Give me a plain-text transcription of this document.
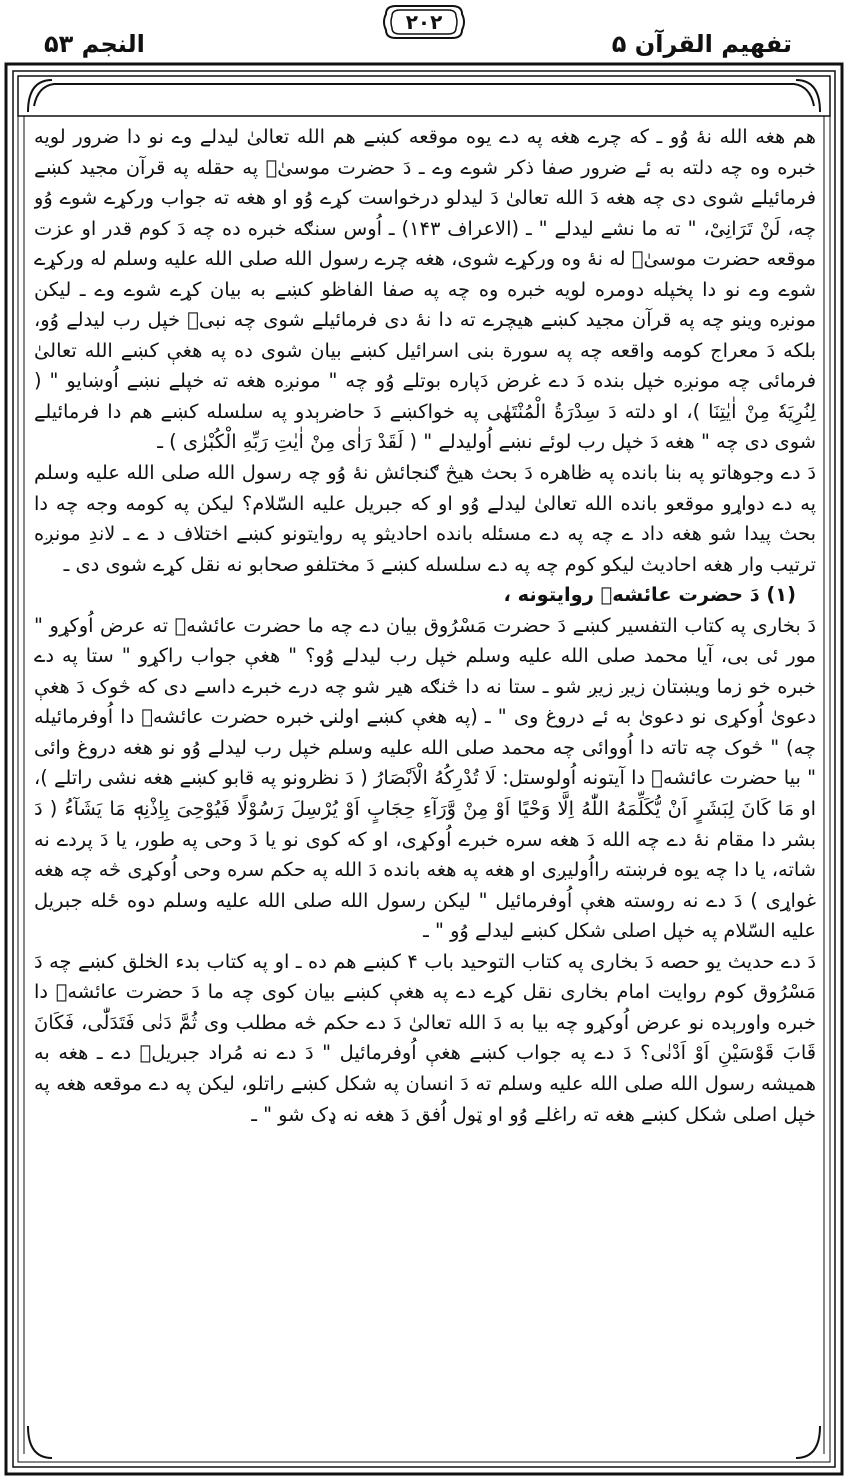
تفهیم القرآن ۵
۲۰۲
النجم ۵۳

هم هغه الله نهٔ وُو ـ که چرے هغه په دے یوه موقعه کښے هم الله تعالیٰ لیدلے وے نو دا ضرور لویه خبره وه چه دلته به ئے ضرور صفا ذکر شوے وے ـ دَ حضرت موسیٰؑ په حقله په قرآن مجید کښے فرمائیلے شوی دی چه هغه دَ الله تعالیٰ دَ لیدلو درخواست کړے وُو او هغه ته جواب ورکړے شوے وُو چه، لَنْ تَرَانِیْ، " ته ما نشے لیدلے " ـ (الاعراف ۱۴۳) ـ اُوس سنګه خبره ده چه دَ کوم قدر او عزت موقعه حضرت موسیٰؑ له نهٔ وه ورکړے شوی، هغه چرے رسول الله صلی الله علیه وسلم له ورکړے شوے وے نو دا پخپله دومره لویه خبره وه چه په صفا الفاظو کښے به بیان کړے شوے وے ـ لیکن مونږه وینو چه په قرآن مجید کښے هیچرے ته دا نهٔ دی فرمائیلے شوی چه نبیؐ خپل رب لیدلے وُو، بلکه دَ معراج کومه واقعه چه په سورة بنی اسرائیل کښے بیان شوی ده په هغې کښے الله تعالیٰ فرمائی چه مونږه خپل بنده دَ دے غرض دَپاره بوتلے وُو چه " مونږه هغه ته خپلے نښے اُوښایو " ( لِنُرِیَهٗ مِنْ اٰیٰتِنَا )، او دلته دَ سِدْرَةُ الْمُنْتَهٰی په خواکښے دَ حاضرېدو په سلسله کښے هم دا فرمائیلے شوی دی چه " هغه دَ خپل رب لوئے نښے اُولیدلے " ( لَقَدْ رَاٰی مِنْ اٰیٰتِ رَبِّهِ الْکُبْرٰی ) ـ

دَ دے وجوهاتو په بنا بانده په ظاهره دَ بحث هیڅ ګنجائش نهٔ وُو چه رسول الله صلی الله علیه وسلم په دے دواړو موقعو بانده الله تعالیٰ لیدلے وُو او که جبریل علیه السّلام؟ لیکن په کومه وجه چه دا بحث پیدا شو هغه داد ے چه په دے مسئله بانده احادیثو په روایتونو کښے اختلاف د ے ـ لاندِ مونږه ترتیب وار هغه احادیث لیکو کوم چه په دے سلسله کښے دَ مختلفو صحابو نه نقل کړے شوی دی ـ

(۱) دَ حضرت عائشهؓ روایتونه ،

دَ بخاری په کتاب التفسیر کښے دَ حضرت مَسْرُوق بیان دے چه ما حضرت عائشهؓ ته عرض اُوکړو " مور ئی بی، آیا محمد صلی الله علیه وسلم خپل رب لیدلے وُو؟ " هغې جواب راکړو " ستا په دے خبره خو زما ویښتان زیږ زیږ شو ـ ستا نه دا څنګه هیر شو چه درے خبرے داسے دی که څوک دَ هغې دعویٰ اُوکړی نو دعویٰ به ئے دروغ وی " ـ (په هغې کښے اولنۍ خبره حضرت عائشهؓ دا اُوفرمائیله چه) " څوک چه تاته دا اُووائی چه محمد صلی الله علیه وسلم خپل رب لیدلے وُو نو هغه دروغ وائی " بیا حضرت عائشهؓ دا آیتونه اُولوستل: لَا تُدْرِکُهُ الْاَبْصَارُ ( دَ نظرونو په قابو کښے هغه نشی راتلے )، او مَا کَانَ لِبَشَرٍ اَنْ یُّکَلِّمَهُ اللّٰهُ اِلَّا وَحْیًا اَوْ مِنْ وَّرَآءِ حِجَابٍ اَوْ یُرْسِلَ رَسُوْلًا فَیُوْحِیَ بِاِذْنِهٖ مَا یَشَآءُ ( دَ بشر دا مقام نهٔ دے چه الله دَ هغه سره خبرے اُوکړی، او که کوی نو یا دَ وحی په طور، یا دَ پردے نه شاته، یا دا چه یوه فرښته رااُولیږی او هغه په هغه بانده دَ الله په حکم سره وحی اُوکړی څه چه هغه غواړی ) دَ دے نه روسته هغې اُوفرمائیل " لیکن رسول الله صلی الله علیه وسلم دوه ځله جبریل علیه السّلام په خپل اصلی شکل کښے لیدلے وُو " ـ

دَ دے حدیث یو حصه دَ بخاری په کتاب التوحید باب ۴ کښے هم ده ـ او په کتاب بدء الخلق کښے چه دَ مَسْرُوق کوم روایت امام بخاری نقل کړے دے په هغې کښے بیان کوی چه ما دَ حضرت عائشهؓ دا خبره واورېده نو عرض اُوکړو چه بیا به دَ الله تعالیٰ دَ دے حکم څه مطلب وی ثُمَّ دَنٰی فَتَدَلّٰی، فَکَانَ قَابَ قَوْسَیْنِ اَوْ اَدْنٰی؟ دَ دے په جواب کښے هغې اُوفرمائیل " دَ دے نه مُراد جبریلؑ دے ـ هغه به همیشه رسول الله صلی الله علیه وسلم ته دَ انسان په شکل کښے راتلو، لیکن په دے موقعه هغه په خپل اصلی شکل کښے هغه ته راغلے وُو او ټول اُفق دَ هغه نه ډک شو " ـ
